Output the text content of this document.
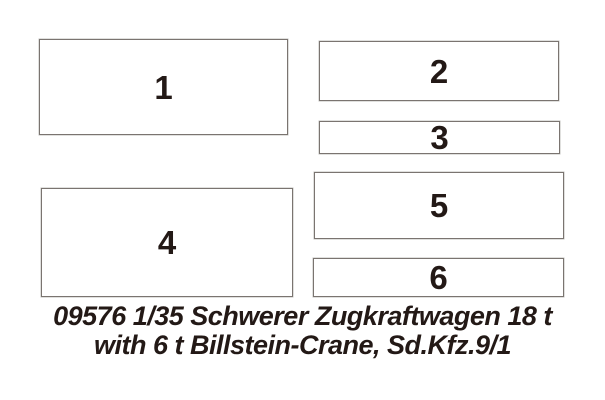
1	2
3
4
5
6
09576 1/35 Schwerer Zugkraftwagen 18 t
with 6 t Billstein-Crane, Sd.Kfz.9/1
